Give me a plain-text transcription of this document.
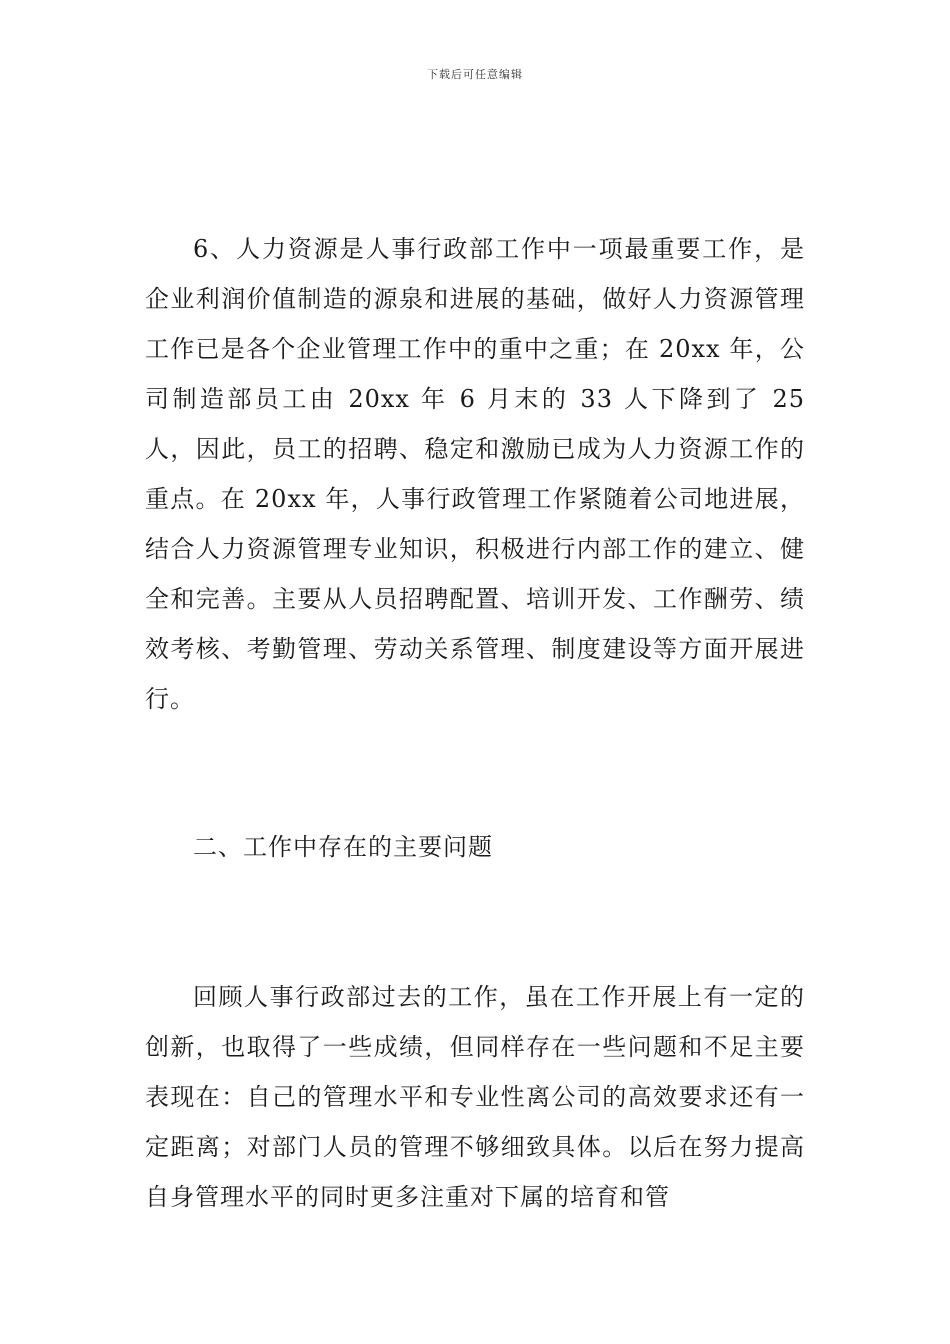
下载后可任意编辑

6、人力资源是人事行政部工作中一项最重要工作，是企业利润价值制造的源泉和进展的基础，做好人力资源管理工作已是各个企业管理工作中的重中之重；在 20xx 年，公司制造部员工由 20xx 年 6 月末的 33 人下降到了 25 人，因此，员工的招聘、稳定和激励已成为人力资源工作的重点。在 20xx 年，人事行政管理工作紧随着公司地进展，结合人力资源管理专业知识，积极进行内部工作的建立、健全和完善。主要从人员招聘配置、培训开发、工作酬劳、绩效考核、考勤管理、劳动关系管理、制度建设等方面开展进行。

二、工作中存在的主要问题

回顾人事行政部过去的工作，虽在工作开展上有一定的创新，也取得了一些成绩，但同样存在一些问题和不足主要表现在：自己的管理水平和专业性离公司的高效要求还有一定距离；对部门人员的管理不够细致具体。以后在努力提高自身管理水平的同时更多注重对下属的培育和管
